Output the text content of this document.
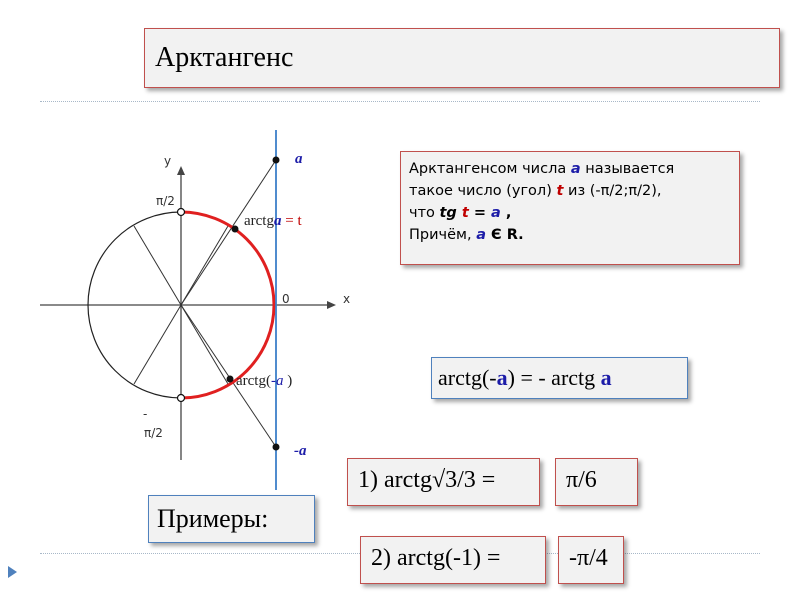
Арктангенс
x
y
0
π/2
-
π/2
a
-a
arctga = t
arctg(-a )
Арктангенсом числа a называется
такое число (угол) t из (-π/2;π/2),
что tg t = a ,
Причём, a Є R.
arctg(-a) = - arctg a
1) arctg√3/3 =	π/6
Примеры:
2) arctg(-1) =	-π/4
